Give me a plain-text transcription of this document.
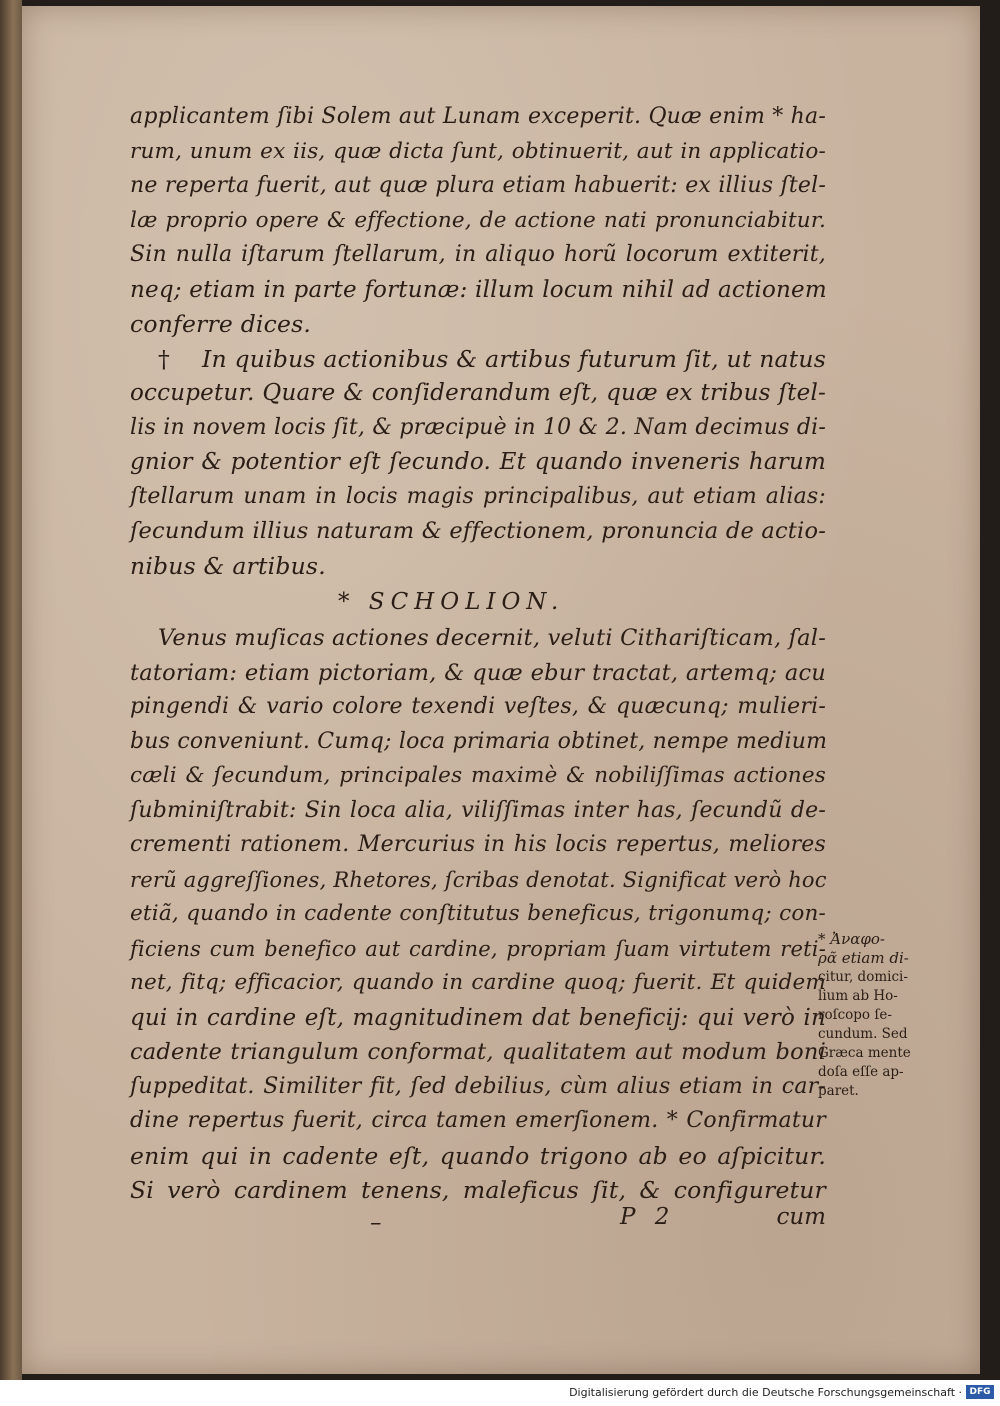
applicantem ſibi Solem aut Lunam exceperit. Quæ enim * ha-
rum, unum ex iis, quæ dicta ſunt, obtinuerit, aut in applicatio-
ne reperta fuerit, aut quæ plura etiam habuerit: ex illius ſtel-
læ proprio opere & effectione, de actione nati pronunciabitur.
Sin nulla iſtarum ſtellarum, in aliquo horũ locorum extiterit,
neq; etiam in parte fortunæ: illum locum nihil ad actionem
conferre dices.
†	In quibus actionibus & artibus futurum ſit, ut natus
occupetur. Quare & conſiderandum eſt, quæ ex tribus ſtel-
lis in novem locis ſit, & præcipuè in 10 & 2. Nam decimus di-
gnior & potentior eſt ſecundo. Et quando inveneris harum
ſtellarum unam in locis magis principalibus, aut etiam alias:
ſecundum illius naturam & effectionem, pronuncia de actio-
nibus & artibus.
* SCHOLION.
Venus muſicas actiones decernit, veluti Cithariſticam, ſal-
tatoriam: etiam pictoriam, & quæ ebur tractat, artemq; acu
pingendi & vario colore texendi veſtes, & quæcunq; mulieri-
bus conveniunt. Cumq; loca primaria obtinet, nempe medium
cæli & ſecundum, principales maximè & nobiliſſimas actiones
ſubminiſtrabit: Sin loca alia, viliſſimas inter has, ſecundũ de-
crementi rationem. Mercurius in his locis repertus, meliores
rerũ aggreſſiones, Rhetores, ſcribas denotat. Significat verò hoc
etiã, quando in cadente conſtitutus beneficus, trigonumq; con-
ficiens cum benefico aut cardine, propriam ſuam virtutem reti-
net, fitq; efficacior, quando in cardine quoq; fuerit. Et quidem
qui in cardine eſt, magnitudinem dat beneficij: qui verò in
cadente triangulum conformat, qualitatem aut modum boni
ſuppeditat. Similiter fit, ſed debilius, cùm alius etiam in car-
dine repertus fuerit, circa tamen emerſionem. * Confirmatur
enim qui in cadente eſt, quando trigono ab eo aſpicitur.
Si verò cardinem tenens, maleficus ſit, & configuretur
* Ἀναφο-
ρᾶ etiam di-
citur, domici-
lium ab Ho-
roſcopo ſe-
cundum. Sed
Græca mente
doſa eſſe ap-
paret.
–	P 2	cum
Digitalisierung gefördert durch die Deutsche Forschungsgemeinschaft · DFG
